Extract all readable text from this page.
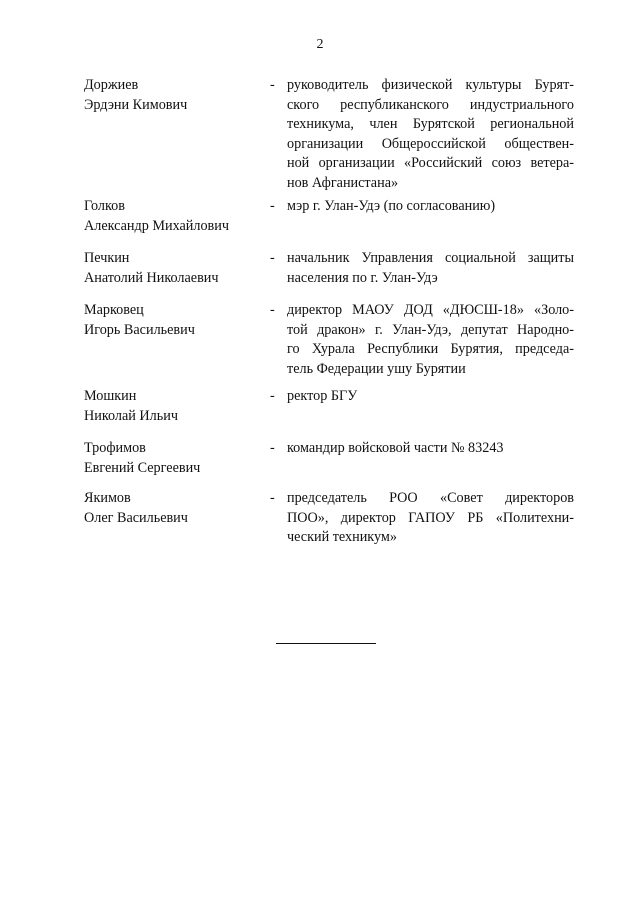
2
Доржиев
Эрдэни Кимович
- руководитель физической культуры Бурят-
ского республиканского индустриального
техникума, член Бурятской региональной
организации Общероссийской обществен-
ной организации «Российский союз ветера-
нов Афганистана»
Голков
Александр Михайлович
- мэр г. Улан-Удэ (по согласованию)
Печкин
Анатолий Николаевич
- начальник Управления социальной защиты
населения по г. Улан-Удэ
Марковец
Игорь Васильевич
- директор МАОУ ДОД «ДЮСШ-18» «Золо-
той дракон» г. Улан-Удэ, депутат Народно-
го Хурала Республики Бурятия, председа-
тель Федерации ушу Бурятии
Мошкин
Николай Ильич
- ректор БГУ
Трофимов
Евгений Сергеевич
- командир войсковой части № 83243
Якимов
Олег Васильевич
- председатель РОО «Совет директоров
ПОО», директор ГАПОУ РБ «Политехни-
ческий техникум»
